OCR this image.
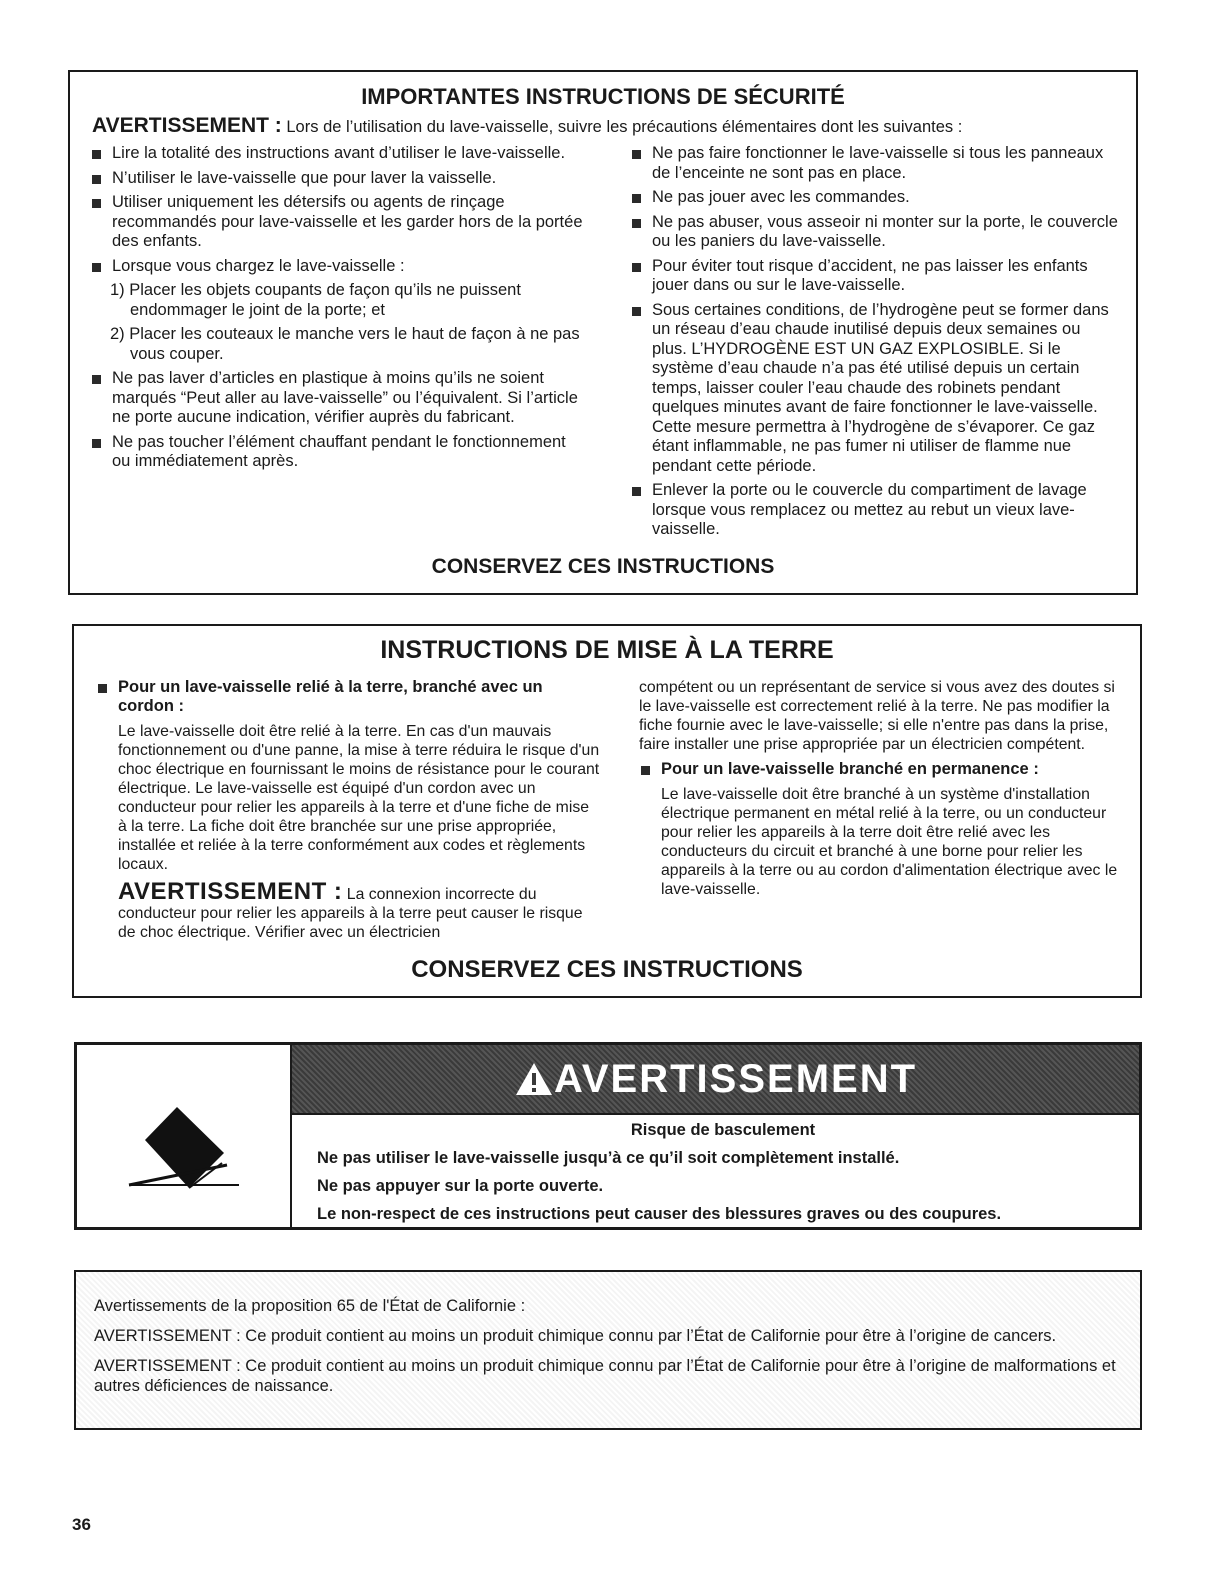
IMPORTANTES INSTRUCTIONS DE SÉCURITÉ
AVERTISSEMENT : Lors de l’utilisation du lave-vaisselle, suivre les précautions élémentaires dont les suivantes :

Lire la totalité des instructions avant d’utiliser le lave-vaisselle.

N’utiliser le lave-vaisselle que pour laver la vaisselle.

Utiliser uniquement les détersifs ou agents de rinçage recommandés pour lave-vaisselle et les garder hors de la portée des enfants.

Lorsque vous chargez le lave-vaisselle :

1) Placer les objets coupants de façon qu’ils ne puissent endommager le joint de la porte; et

2) Placer les couteaux le manche vers le haut de façon à ne pas vous couper.

Ne pas laver d’articles en plastique à moins qu’ils ne soient marqués “Peut aller au lave-vaisselle” ou l’équivalent. Si l’article ne porte aucune indication, vérifier auprès du fabricant.

Ne pas toucher l’élément chauffant pendant le fonctionnement ou immédiatement après.

Ne pas faire fonctionner le lave-vaisselle si tous les panneaux de l’enceinte ne sont pas en place.

Ne pas jouer avec les commandes.

Ne pas abuser, vous asseoir ni monter sur la porte, le couvercle ou les paniers du lave-vaisselle.

Pour éviter tout risque d’accident, ne pas laisser les enfants jouer dans ou sur le lave-vaisselle.

Sous certaines conditions, de l’hydrogène peut se former dans un réseau d’eau chaude inutilisé depuis deux semaines ou plus. L’HYDROGÈNE EST UN GAZ EXPLOSIBLE. Si le système d’eau chaude n’a pas été utilisé depuis un certain temps, laisser couler l’eau chaude des robinets pendant quelques minutes avant de faire fonctionner le lave-vaisselle. Cette mesure permettra à l’hydrogène de s’évaporer. Ce gaz étant inflammable, ne pas fumer ni utiliser de flamme nue pendant cette période.

Enlever la porte ou le couvercle du compartiment de lavage lorsque vous remplacez ou mettez au rebut un vieux lave-vaisselle.

CONSERVEZ CES INSTRUCTIONS
INSTRUCTIONS DE MISE À LA TERRE

Pour un lave-vaisselle relié à la terre, branché avec un cordon :

Le lave-vaisselle doit être relié à la terre. En cas d'un mauvais fonctionnement ou d'une panne, la mise à terre réduira le risque d'un choc électrique en fournissant le moins de résistance pour le courant électrique. Le lave-vaisselle est équipé d'un cordon avec un conducteur pour relier les appareils à la terre et d'une fiche de mise à la terre. La fiche doit être branchée sur une prise appropriée, installée et reliée à la terre conformément aux codes et règlements locaux.

AVERTISSEMENT : La connexion incorrecte du conducteur pour relier les appareils à la terre peut causer le risque de choc électrique. Vérifier avec un électricien

compétent ou un représentant de service si vous avez des doutes si le lave-vaisselle est correctement relié à la terre. Ne pas modifier la fiche fournie avec le lave-vaisselle; si elle n'entre pas dans la prise, faire installer une prise appropriée par un électricien compétent.

Pour un lave-vaisselle branché en permanence :

Le lave-vaisselle doit être branché à un système d'installation électrique permanent en métal relié à la terre, ou un conducteur pour relier les appareils à la terre doit être relié avec les conducteurs du circuit et branché à une borne pour relier les appareils à la terre ou au cordon d'alimentation électrique avec le lave-vaisselle.

CONSERVEZ CES INSTRUCTIONS
AVERTISSEMENT

Risque de basculement

Ne pas utiliser le lave-vaisselle jusqu’à ce qu’il soit complètement installé.

Ne pas appuyer sur la porte ouverte.

Le non-respect de ces instructions peut causer des blessures graves ou des coupures.

Avertissements de la proposition 65 de l'État de Californie :

AVERTISSEMENT : Ce produit contient au moins un produit chimique connu par l’État de Californie pour être à l’origine de cancers.

AVERTISSEMENT : Ce produit contient au moins un produit chimique connu par l’État de Californie pour être à l’origine de malformations et autres déficiences de naissance.

36
